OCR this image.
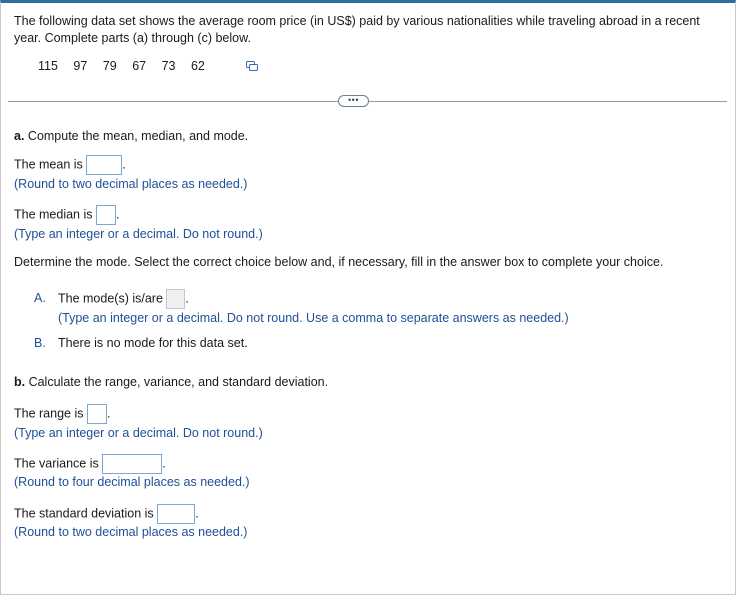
The following data set shows the average room price (in US$) paid by various nationalities while traveling abroad in a recent year. Complete parts (a) through (c) below.
115 97 79 67 73 62
•••
a. Compute the mean, median, and mode.
The mean is	.
(Round to two decimal places as needed.)
The median is .
(Type an integer or a decimal. Do not round.)
Determine the mode. Select the correct choice below and, if necessary, fill in the answer box to complete your choice.
A. The mode(s) is/are .
(Type an integer or a decimal. Do not round. Use a comma to separate answers as needed.)
B. There is no mode for this data set.
b. Calculate the range, variance, and standard deviation.
The range is .
(Type an integer or a decimal. Do not round.)
The variance is	.
(Round to four decimal places as needed.)
The standard deviation is	.
(Round to two decimal places as needed.)
